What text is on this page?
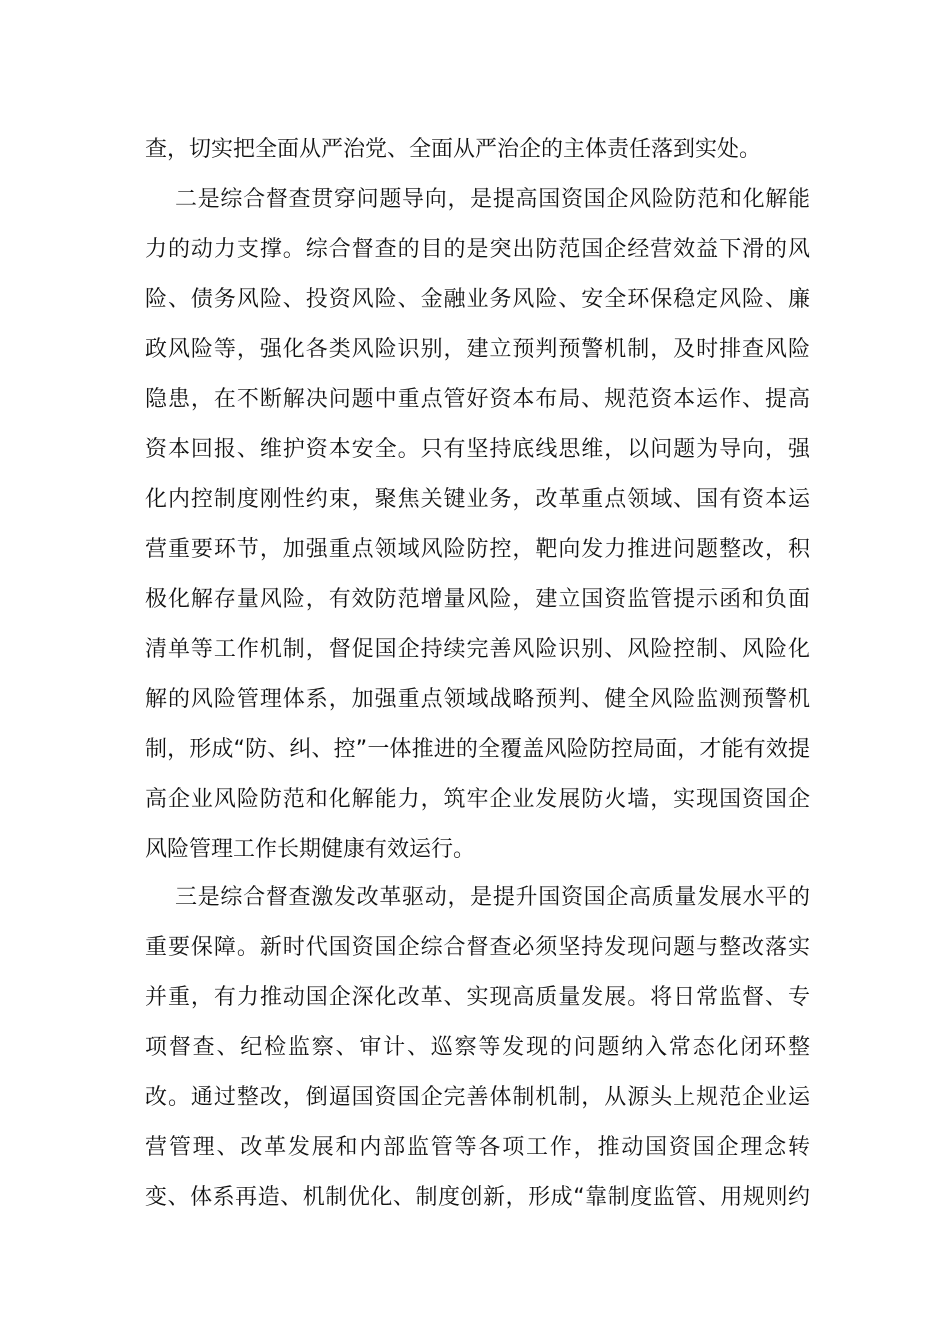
查，切实把全面从严治党、全面从严治企的主体责任落到实处。
二是综合督查贯穿问题导向，是提高国资国企风险防范和化解能
力的动力支撑。综合督查的目的是突出防范国企经营效益下滑的风
险、债务风险、投资风险、金融业务风险、安全环保稳定风险、廉
政风险等，强化各类风险识别，建立预判预警机制，及时排查风险
隐患，在不断解决问题中重点管好资本布局、规范资本运作、提高
资本回报、维护资本安全。只有坚持底线思维，以问题为导向，强
化内控制度刚性约束，聚焦关键业务，改革重点领域、国有资本运
营重要环节，加强重点领域风险防控，靶向发力推进问题整改，积
极化解存量风险，有效防范增量风险，建立国资监管提示函和负面
清单等工作机制，督促国企持续完善风险识别、风险控制、风险化
解的风险管理体系，加强重点领域战略预判、健全风险监测预警机
制，形成“防、纠、控”一体推进的全覆盖风险防控局面，才能有效提
高企业风险防范和化解能力，筑牢企业发展防火墙，实现国资国企
风险管理工作长期健康有效运行。
三是综合督查激发改革驱动，是提升国资国企高质量发展水平的
重要保障。新时代国资国企综合督查必须坚持发现问题与整改落实
并重，有力推动国企深化改革、实现高质量发展。将日常监督、专
项督查、纪检监察、审计、巡察等发现的问题纳入常态化闭环整
改。通过整改，倒逼国资国企完善体制机制，从源头上规范企业运
营管理、改革发展和内部监管等各项工作，推动国资国企理念转
变、体系再造、机制优化、制度创新，形成“靠制度监管、用规则约
